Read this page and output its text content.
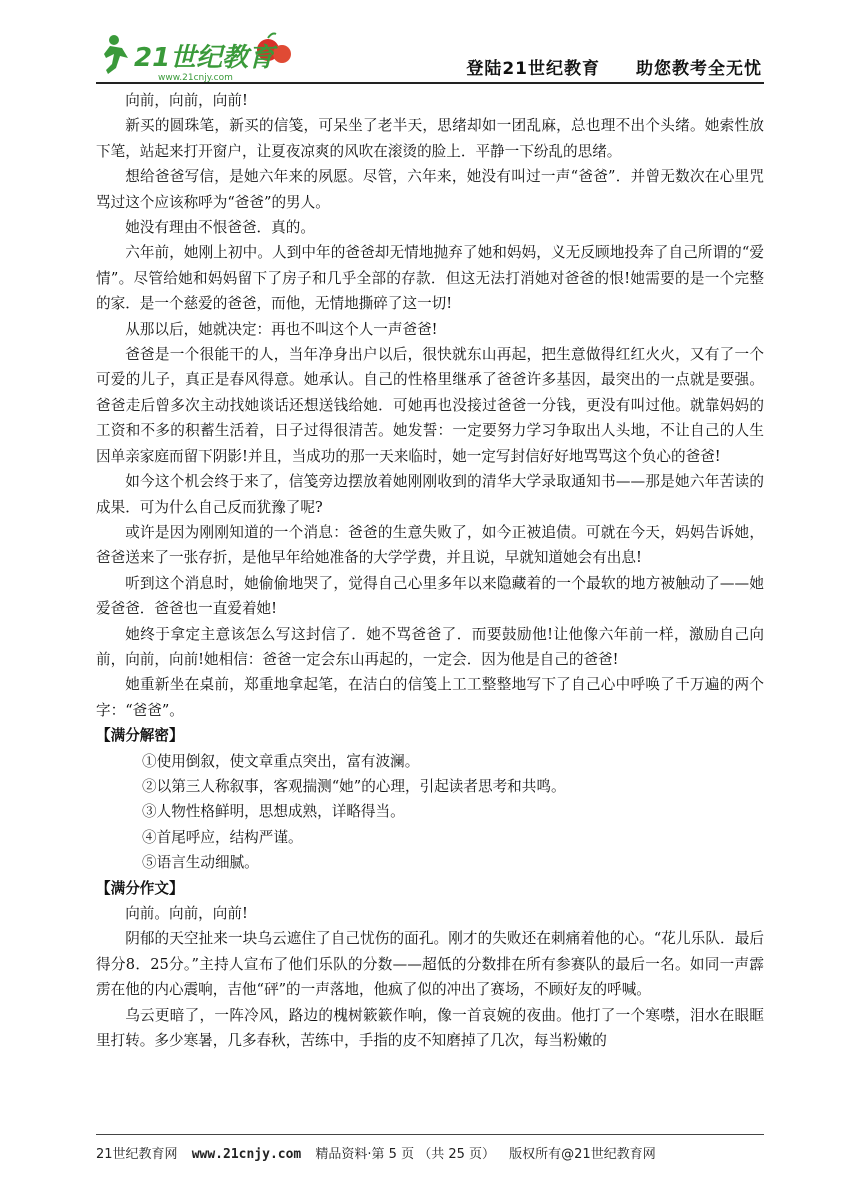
21世纪教育
www.21cnjy.com	登陆21世纪教育　　助您教考全无忧

向前，向前，向前!

新买的圆珠笔，新买的信笺，可呆坐了老半天，思绪却如一团乱麻，总也理不出个头绪。她索性放下笔，站起来打开窗户，让夏夜凉爽的风吹在滚烫的脸上．平静一下纷乱的思绪。

想给爸爸写信，是她六年来的夙愿。尽管，六年来，她没有叫过一声“爸爸”．并曾无数次在心里咒骂过这个应该称呼为“爸爸”的男人。

她没有理由不恨爸爸．真的。

六年前，她刚上初中。人到中年的爸爸却无情地抛弃了她和妈妈，义无反顾地投奔了自己所谓的“爱情”。尽管给她和妈妈留下了房子和几乎全部的存款．但这无法打消她对爸爸的恨!她需要的是一个完整的家．是一个慈爱的爸爸，而他，无情地撕碎了这一切!

从那以后，她就决定：再也不叫这个人一声爸爸!

爸爸是一个很能干的人，当年净身出户以后，很快就东山再起，把生意做得红红火火，又有了一个可爱的儿子，真正是春风得意。她承认。自己的性格里继承了爸爸许多基因，最突出的一点就是要强。爸爸走后曾多次主动找她谈话还想送钱给她．可她再也没接过爸爸一分钱，更没有叫过他。就靠妈妈的工资和不多的积蓄生活着，日子过得很清苦。她发誓：一定要努力学习争取出人头地，不让自己的人生因单亲家庭而留下阴影!并且，当成功的那一天来临时，她一定写封信好好地骂骂这个负心的爸爸!

如今这个机会终于来了，信笺旁边摆放着她刚刚收到的清华大学录取通知书——那是她六年苦读的成果．可为什么自己反而犹豫了呢?

或许是因为刚刚知道的一个消息：爸爸的生意失败了，如今正被追债。可就在今天，妈妈告诉她，爸爸送来了一张存折，是他早年给她准备的大学学费，并且说，早就知道她会有出息!

听到这个消息时，她偷偷地哭了，觉得自己心里多年以来隐藏着的一个最软的地方被触动了——她爱爸爸．爸爸也一直爱着她!

她终于拿定主意该怎么写这封信了．她不骂爸爸了．而要鼓励他!让他像六年前一样，激励自己向前，向前，向前!她相信：爸爸一定会东山再起的，一定会．因为他是自己的爸爸!

她重新坐在桌前，郑重地拿起笔，在洁白的信笺上工工整整地写下了自己心中呼唤了千万遍的两个字：“爸爸”。

【满分解密】

①使用倒叙，使文章重点突出，富有波澜。

②以第三人称叙事，客观揣测“她”的心理，引起读者思考和共鸣。

③人物性格鲜明，思想成熟，详略得当。

④首尾呼应，结构严谨。

⑤语言生动细腻。

【满分作文】

向前。向前，向前!

阴郁的天空扯来一块乌云遮住了自己忧伤的面孔。刚才的失败还在刺痛着他的心。“花儿乐队．最后得分8．25分。”主持人宣布了他们乐队的分数——超低的分数排在所有参赛队的最后一名。如同一声霹雳在他的内心震响，吉他“砰”的一声落地，他疯了似的冲出了赛场，不顾好友的呼喊。

乌云更暗了，一阵冷风，路边的槐树簌簌作响，像一首哀婉的夜曲。他打了一个寒噤，泪水在眼眶里打转。多少寒暑，几多春秋，苦练中，手指的皮不知磨掉了几次，每当粉嫩的

21世纪教育网 www.21cnjy.com 精品资料·第 5 页 （共 25 页） 版权所有@21世纪教育网
